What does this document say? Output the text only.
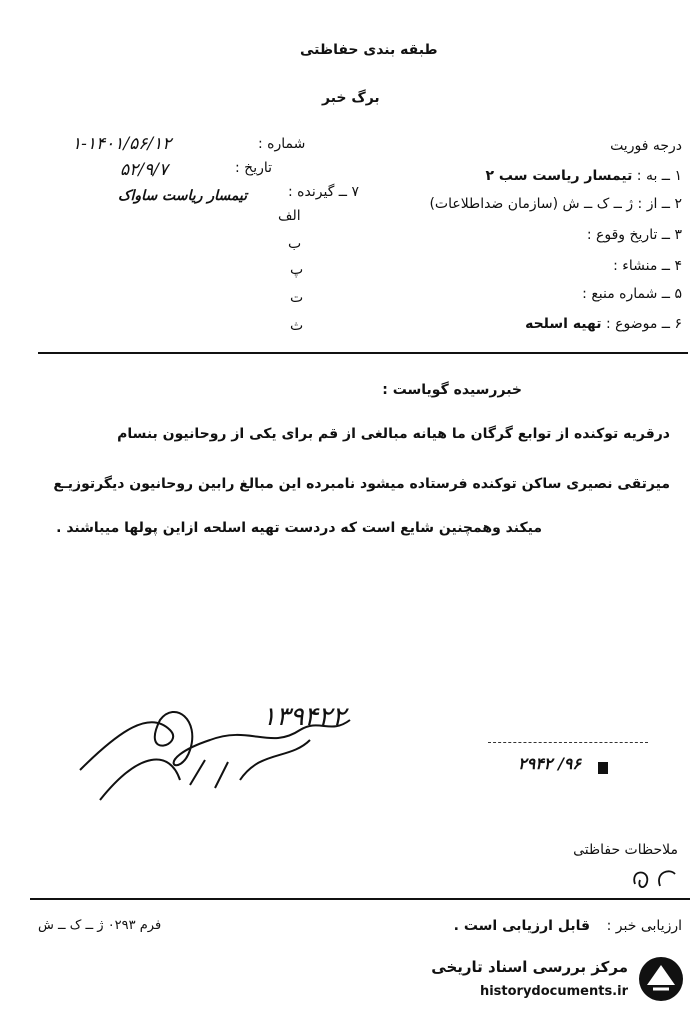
طبقه بندی حفاظتی
برگ خبر
درجه فوریت
شماره :
۱-۱۴۰۱/۵۶/۱۲
تاریخ :
۵۲/۹/۷	۱ ــ به : تیمسار ریاست سب ۲
۲ ــ از : ژ ــ ک ــ ش (سازمان ضداطلاعات)
۳ ــ تاریخ وقوع :
۴ ــ منشاء :
۵ ــ شماره منبع :
۶ ــ موضوع : تهیه اسلحه
۷ ــ گیرنده :
تیمسار ریاست ساواک
الف
ب
پ
ت
ث
خبررسیده گویاست :
درقریه توکنده از توابع گرگان ما هیانه مبالغی از قم برای یکی از روحانیون بنسام
میرتقی نصیری ساکن توکنده فرستاده میشود نامبرده این مبالغ رابین روحانیون دیگرتوزیـع
میکند وهمچنین شایع است که دردست تهیه اسلحه ازاین پولها میباشند .
۱۳۹۴۲۲
۲۹۴۲ /۹۶
ملاحظات حفاظتی
ارزیابی خبر :
قابل ارزیابی است .
فرم ۰۲۹۳ ژ ــ ک ــ ش
مرکز بررسی اسناد تاریخی
historydocuments.ir
